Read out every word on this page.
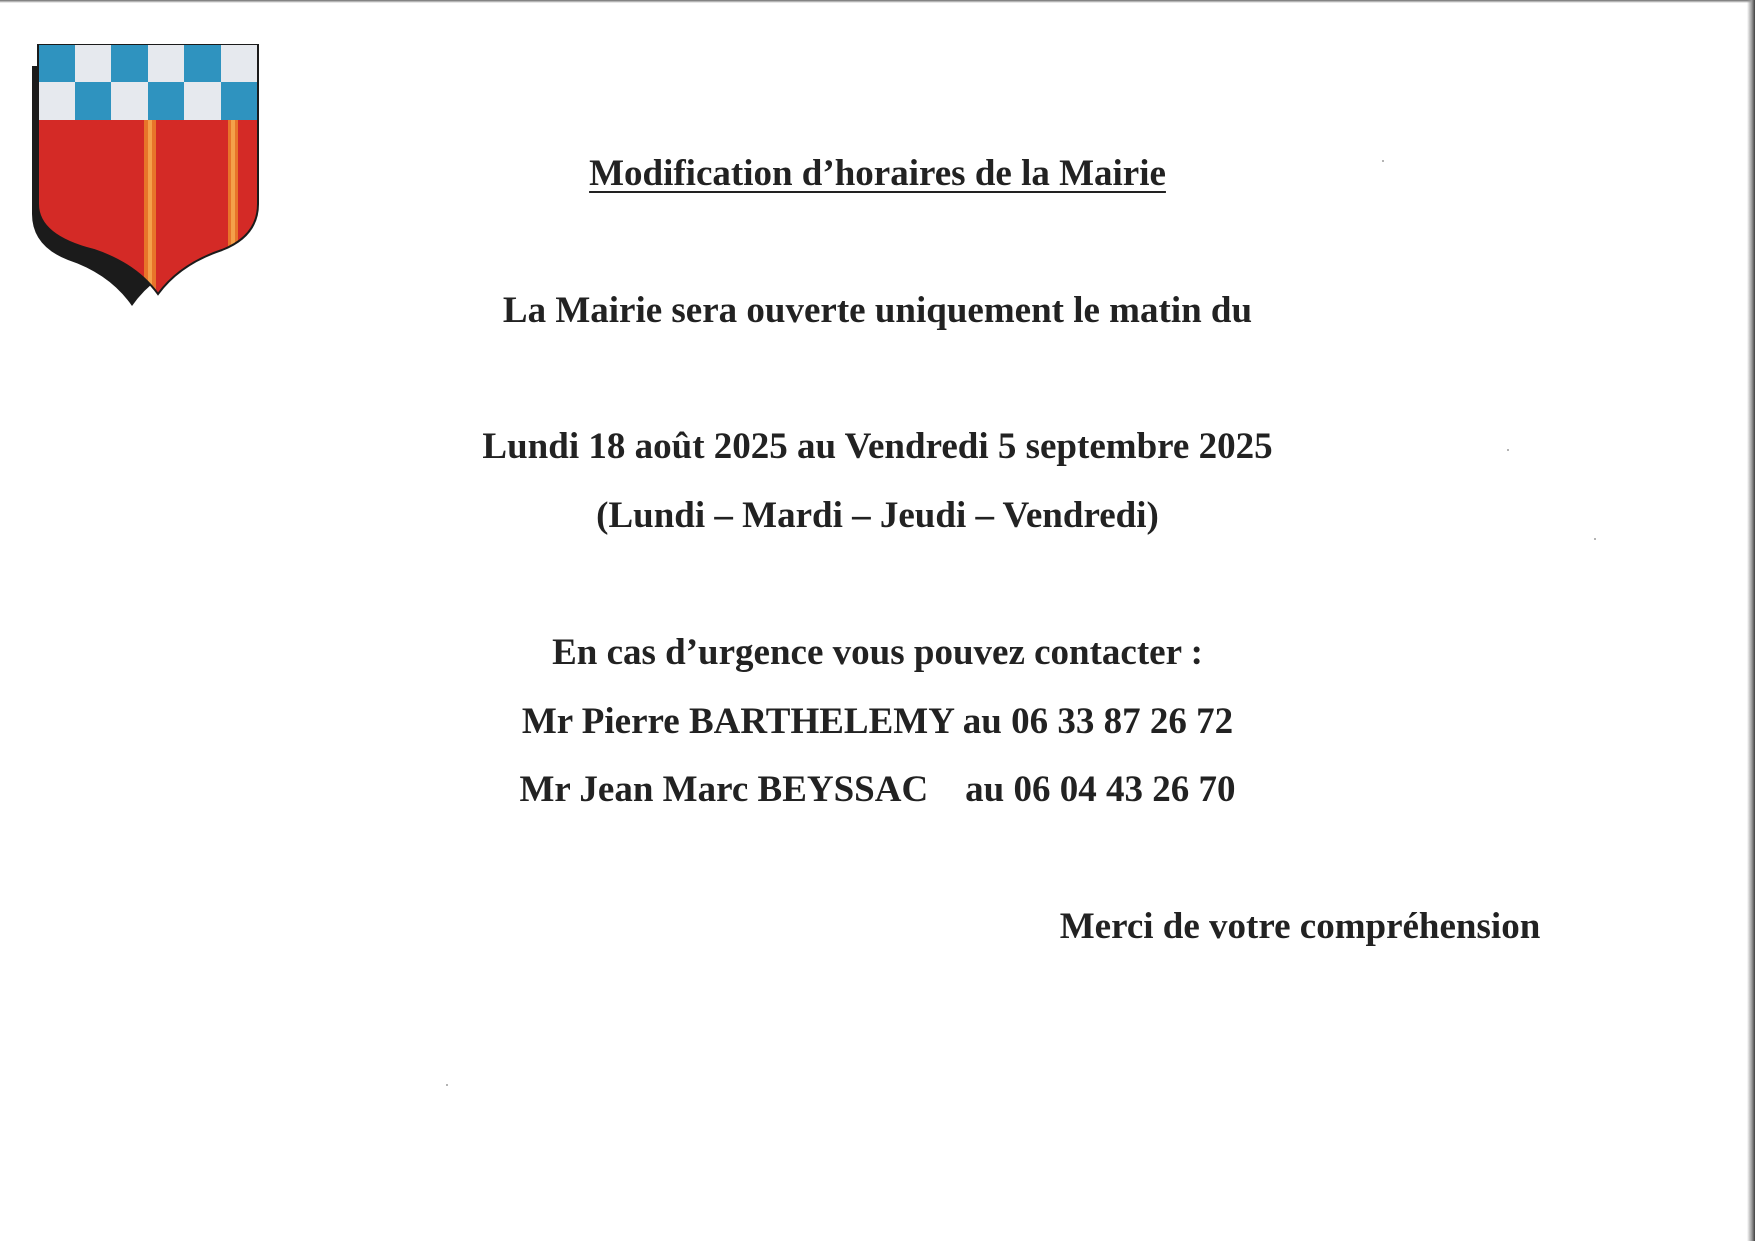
Modification d’horaires de la Mairie

La Mairie sera ouverte uniquement le matin du

Lundi 18 août 2025 au Vendredi 5 septembre 2025

(Lundi – Mardi – Jeudi – Vendredi)

En cas d’urgence vous pouvez contacter :

Mr Pierre BARTHELEMY au 06 33 87 26 72

Mr Jean Marc BEYSSAC    au 06 04 43 26 70

Merci de votre compréhension
